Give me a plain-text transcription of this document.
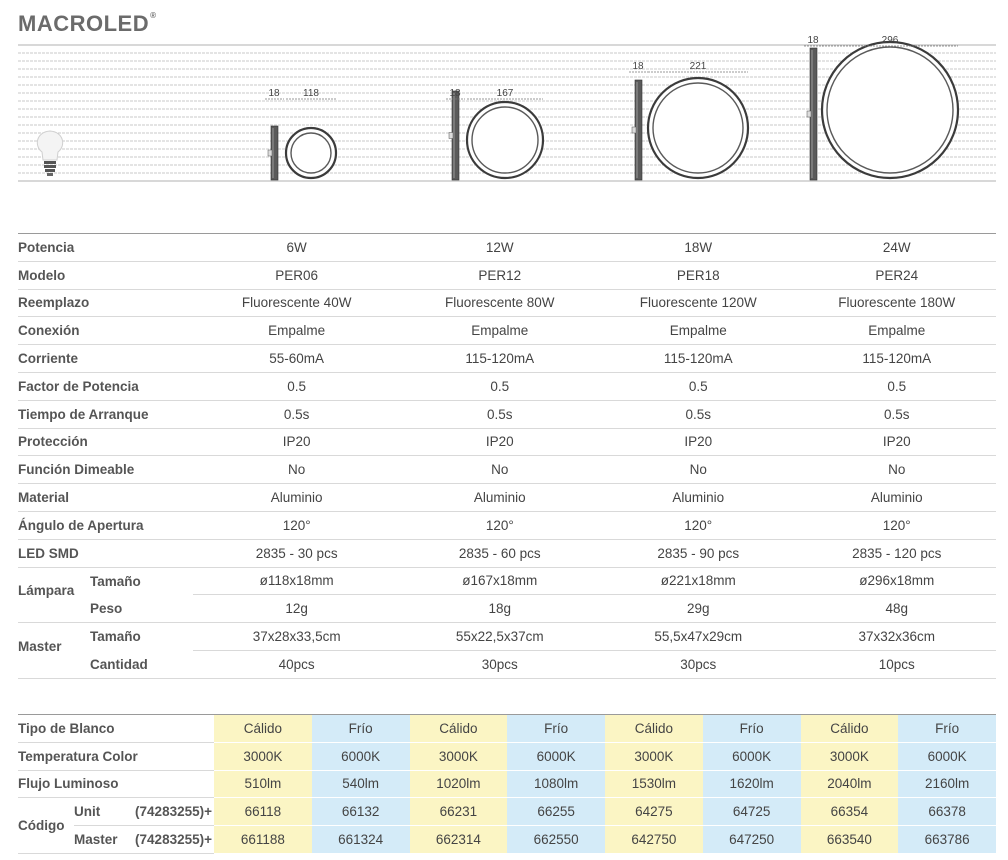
MACROLED®
18 118	18	167
18	221
18	296
Potencia	6W	12W	18W	24W
Modelo	PER06	PER12	PER18	PER24
Reemplazo	Fluorescente 40W	Fluorescente 80W	Fluorescente 120W	Fluorescente 180W
Conexión	Empalme	Empalme	Empalme	Empalme
Corriente	55-60mA	115-120mA	115-120mA	115-120mA
Factor de Potencia	0.5	0.5	0.5	0.5
Tiempo de Arranque	0.5s	0.5s	0.5s	0.5s
Protección	IP20	IP20	IP20	IP20
Función Dimeable	No	No	No	No
Material	Aluminio	Aluminio	Aluminio	Aluminio
Ángulo de Apertura	120°	120°	120°	120°
LED SMD	2835 - 30 pcs	2835 - 60 pcs	2835 - 90 pcs	2835 - 120 pcs

Lámpara
Tamaño	ø118x18mm	ø167x18mm	ø221x18mm	ø296x18mm

Peso	12g	18g	29g	48g

Master
Tamaño	37x28x33,5cm	55x22,5x37cm	55,5x47x29cm	37x32x36cm

Cantidad	40pcs	30pcs	30pcs	10pcs
Tipo de Blanco		Cálido	Frío	Cálido	Frío	Cálido	Frío	Cálido	Frío
Temperatura Color		3000K	6000K	3000K	6000K	3000K	6000K	3000K	6000K
Flujo Luminoso		510lm	540lm	1020lm	1080lm	1530lm	1620lm	2040lm	2160lm
Código	Unit (74283255)+	66118	66132	66231	66255	64275	64725	66354	66378

	Master (74283255)+	661188	661324	662314	662550	642750	647250	663540	663786
